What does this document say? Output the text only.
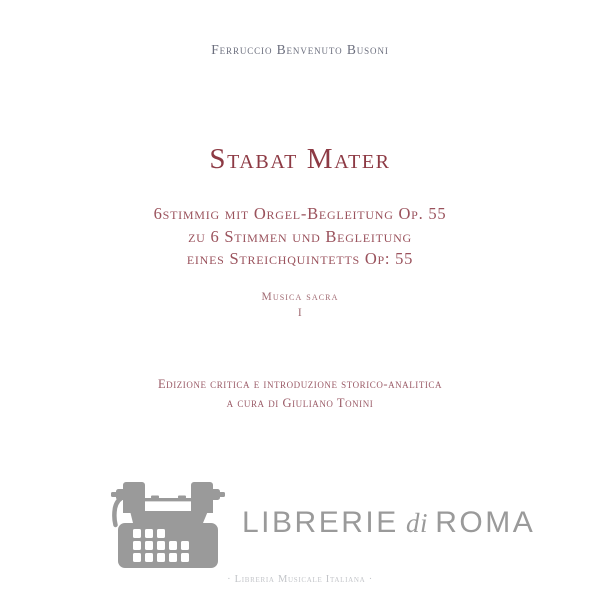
Ferruccio Benvenuto Busoni
Stabat Mater
6stimmig mit Orgel-Begleitung Op. 55
zu 6 Stimmen und Begleitung
eines Streichquintetts Op: 55
Musica sacra
I
Edizione critica e introduzione storico-analitica
a cura di Giuliano Tonini
LIBRERIE di ROMA
· Libreria Musicale Italiana ·
